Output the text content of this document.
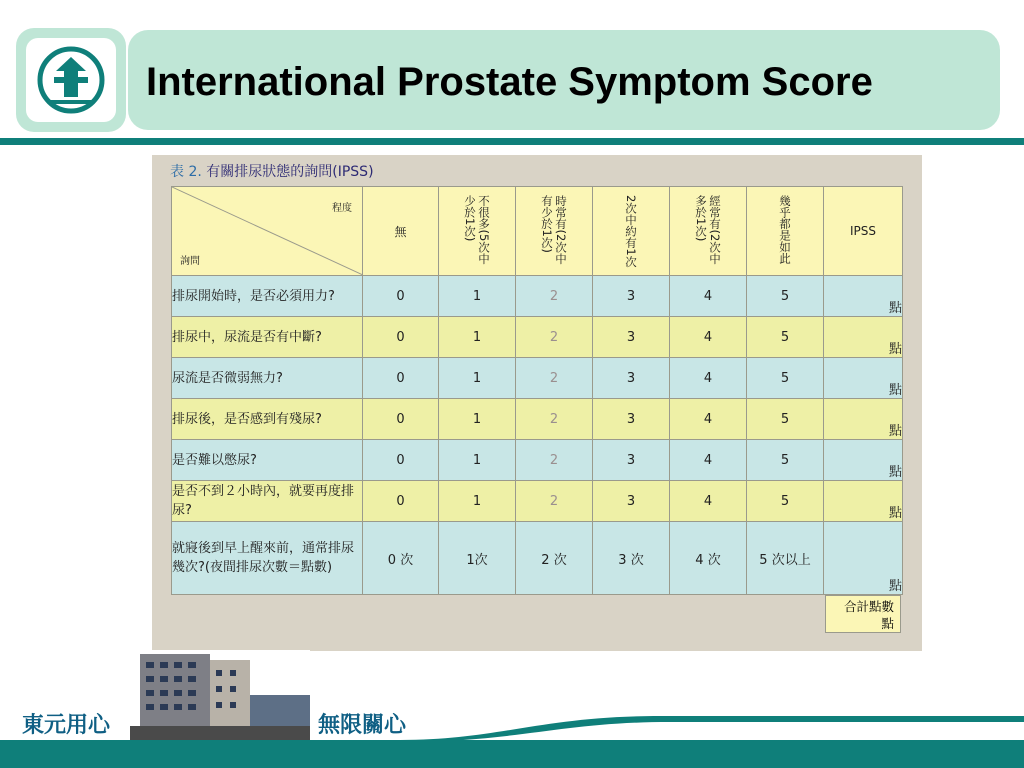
International Prostate Symptom Score
表 2. 有關排尿狀態的詢問(IPSS)
程度
詢問	無	不很多(5次中少於1次)	時常有(2次中有少於1次)	2次中約有1次	經常有(2次中多於1次)	幾乎都是如此	IPSS
排尿開始時，是否必須用力?	0	1	2	3	4	5	點
排尿中，尿流是否有中斷?	0	1	2	3	4	5	點
尿流是否微弱無力?	0	1	2	3	4	5	點
排尿後，是否感到有殘尿?	0	1	2	3	4	5	點
是否難以憋尿?	0	1	2	3	4	5	點
是否不到２小時內，就要再度排尿?	0	1	2	3	4	5	點
就寢後到早上醒來前，通常排尿幾次?(夜間排尿次數＝點數)	0 次	1次	2 次	3 次	4 次	5 次以上	點
合計點數
點
東元用心	無限關心
